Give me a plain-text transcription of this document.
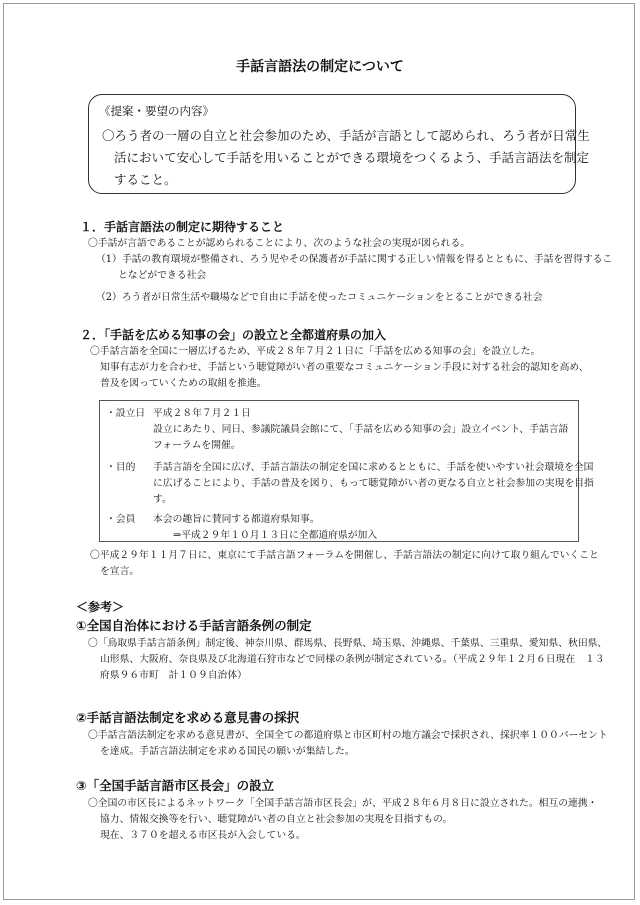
手話言語法の制定について
《提案・要望の内容》
〇ろう者の一層の自立と社会参加のため、手話が言語として認められ、ろう者が日常生
活において安心して手話を用いることができる環境をつくるよう、手話言語法を制定
すること。
１．手話言語法の制定に期待すること
〇手話が言語であることが認められることにより、次のような社会の実現が図られる。
（1）手話の教育環境が整備され、ろう児やその保護者が手話に関する正しい情報を得るとともに、手話を習得するこ
となどができる社会
（2）ろう者が日常生活や職場などで自由に手話を使ったコミュニケーションをとることができる社会
２．「手話を広める知事の会」の設立と全都道府県の加入
〇手話言語を全国に一層広げるため、平成２８年７月２１日に「手話を広める知事の会」を設立した。
知事有志が力を合わせ、手話という聴覚障がい者の重要なコミュニケーション手段に対する社会的認知を高め、
普及を図っていくための取組を推進。
・設立日 平成２８年７月２１日
設立にあたり、同日、参議院議員会館にて、「手話を広める知事の会」設立イベント、手話言語
フォーラムを開催。
・目的 手話言語を全国に広げ、手話言語法の制定を国に求めるとともに、手話を使いやすい社会環境を全国
に広げることにより、手話の普及を図り、もって聴覚障がい者の更なる自立と社会参加の実現を目指
す。
・会員 本会の趣旨に賛同する都道府県知事。
⇒平成２９年１０月１３日に全都道府県が加入
〇平成２９年１１月７日に、東京にて手話言語フォーラムを開催し、手話言語法の制定に向けて取り組んでいくこと
を宣言。
＜参考＞
①全国自治体における手話言語条例の制定
〇「鳥取県手話言語条例」制定後、神奈川県、群馬県、長野県、埼玉県、沖縄県、千葉県、三重県、愛知県、秋田県、
山形県、大阪府、奈良県及び北海道石狩市などで同様の条例が制定されている。（平成２９年１２月６日現在　１３
府県９６市町　計１０９自治体）
②手話言語法制定を求める意見書の採択
〇手話言語法制定を求める意見書が、全国全ての都道府県と市区町村の地方議会で採択され、採択率１００パーセント
を達成。手話言語法制定を求める国民の願いが集結した。
③「全国手話言語市区長会」の設立
〇全国の市区長によるネットワーク「全国手話言語市区長会」が、平成２８年６月８日に設立された。相互の連携・
協力、情報交換等を行い、聴覚障がい者の自立と社会参加の実現を目指すもの。
現在、３７０を超える市区長が入会している。
